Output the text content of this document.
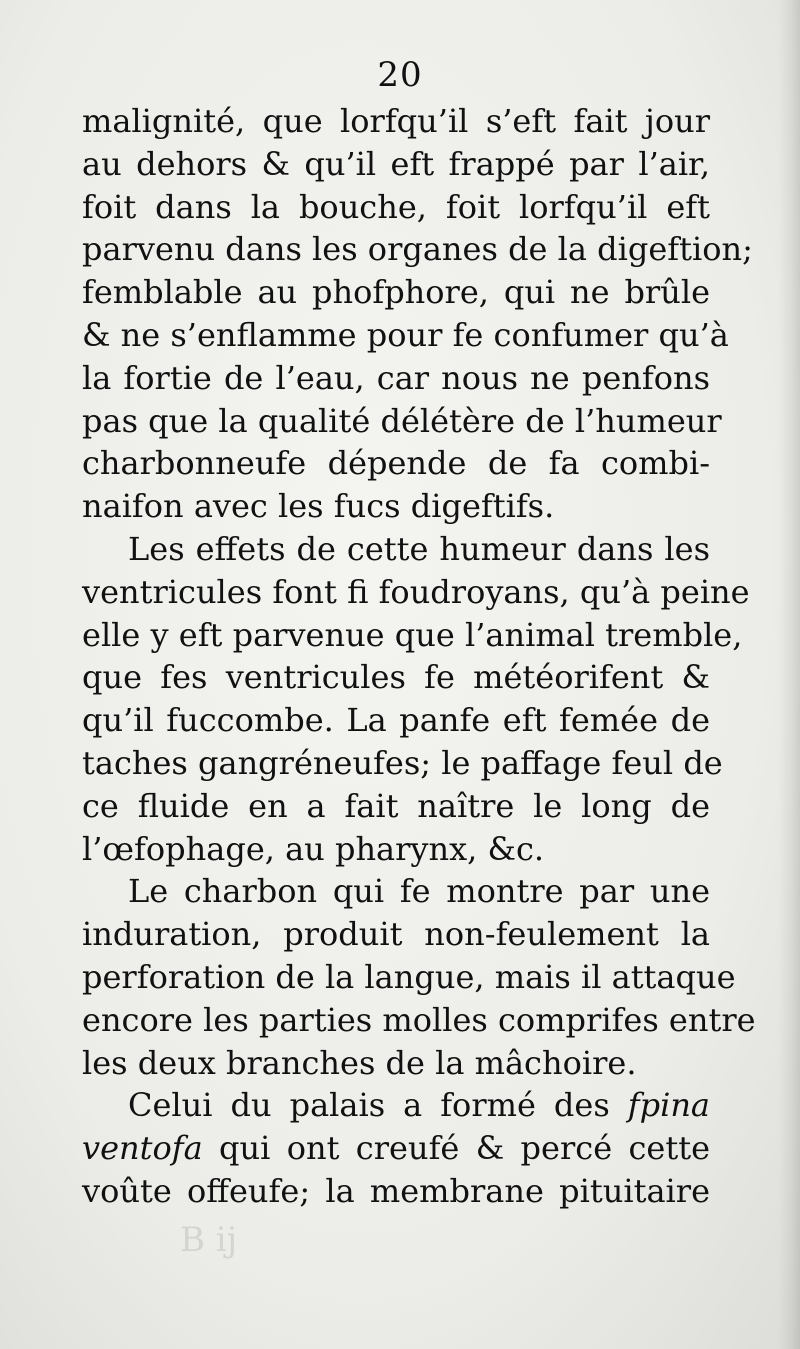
20
malignité, que lorfqu’il s’eft fait jour
au dehors & qu’il eft frappé par l’air,
foit dans la bouche, foit lorfqu’il eft
parvenu dans les organes de la digeftion;
femblable au phofphore, qui ne brûle
& ne s’enflamme pour fe confumer qu’à
la fortie de l’eau, car nous ne penfons
pas que la qualité délétère de l’humeur
charbonneufe dépende de fa combi-
naifon avec les fucs digeftifs.
Les effets de cette humeur dans les
ventricules font fi foudroyans, qu’à peine
elle y eft parvenue que l’animal tremble,
que fes ventricules fe météorifent &
qu’il fuccombe. La panfe eft femée de
taches gangréneufes; le paffage feul de
ce fluide en a fait naître le long de
l’œfophage, au pharynx, &c.
Le charbon qui fe montre par une
induration, produit non-feulement la
perforation de la langue, mais il attaque
encore les parties molles comprifes entre
les deux branches de la mâchoire.
Celui du palais a formé des fpina
ventofa qui ont creufé & percé cette
voûte offeufe; la membrane pituitaire
B ij
